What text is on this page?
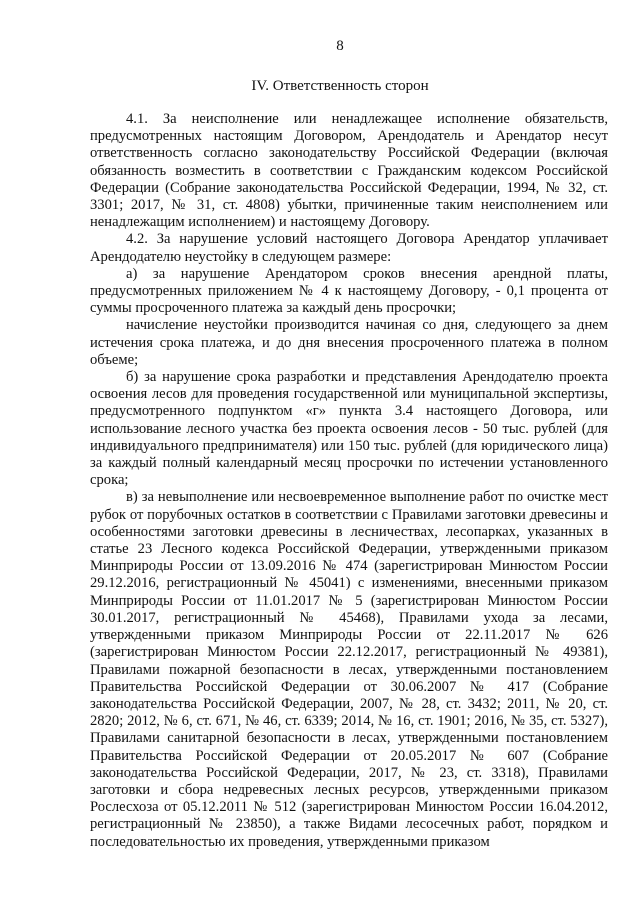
8
IV. Ответственность сторон

4.1. За неисполнение или ненадлежащее исполнение обязательств, предусмотренных настоящим Договором, Арендодатель и Арендатор несут ответственность согласно законодательству Российской Федерации (включая обязанность возместить в соответствии с Гражданским кодексом Российской Федерации (Собрание законодательства Российской Федерации, 1994, № 32, ст. 3301; 2017, № 31, ст. 4808) убытки, причиненные таким неисполнением или ненадлежащим исполнением) и настоящему Договору.

4.2. За нарушение условий настоящего Договора Арендатор уплачивает Арендодателю неустойку в следующем размере:

а) за нарушение Арендатором сроков внесения арендной платы, предусмотренных приложением № 4 к настоящему Договору, - 0,1 процента от суммы просроченного платежа за каждый день просрочки;

начисление неустойки производится начиная со дня, следующего за днем истечения срока платежа, и до дня внесения просроченного платежа в полном объеме;

б) за нарушение срока разработки и представления Арендодателю проекта освоения лесов для проведения государственной или муниципальной экспертизы, предусмотренного подпунктом «г» пункта 3.4 настоящего Договора, или использование лесного участка без проекта освоения лесов - 50 тыс. рублей (для индивидуального предпринимателя) или 150 тыс. рублей (для юридического лица) за каждый полный календарный месяц просрочки по истечении установленного срока;

в) за невыполнение или несвоевременное выполнение работ по очистке мест рубок от порубочных остатков в соответствии с Правилами заготовки древесины и особенностями заготовки древесины в лесничествах, лесопарках, указанных в статье 23 Лесного кодекса Российской Федерации, утвержденными приказом Минприроды России от 13.09.2016 № 474 (зарегистрирован Минюстом России 29.12.2016, регистрационный № 45041) с изменениями, внесенными приказом Минприроды России от 11.01.2017 № 5 (зарегистрирован Минюстом России 30.01.2017, регистрационный № 45468), Правилами ухода за лесами, утвержденными приказом Минприроды России от 22.11.2017 № 626 (зарегистрирован Минюстом России 22.12.2017, регистрационный № 49381), Правилами пожарной безопасности в лесах, утвержденными постановлением Правительства Российской Федерации от 30.06.2007 № 417 (Собрание законодательства Российской Федерации, 2007, № 28, ст. 3432; 2011, № 20, ст. 2820; 2012, № 6, ст. 671, № 46, ст. 6339; 2014, № 16, ст. 1901; 2016, № 35, ст. 5327), Правилами санитарной безопасности в лесах, утвержденными постановлением Правительства Российской Федерации от 20.05.2017 № 607 (Собрание законодательства Российской Федерации, 2017, № 23, ст. 3318), Правилами заготовки и сбора недревесных лесных ресурсов, утвержденными приказом Рослесхоза от 05.12.2011 № 512 (зарегистрирован Минюстом России 16.04.2012, регистрационный № 23850), а также Видами лесосечных работ, порядком и последовательностью их проведения, утвержденными приказом
